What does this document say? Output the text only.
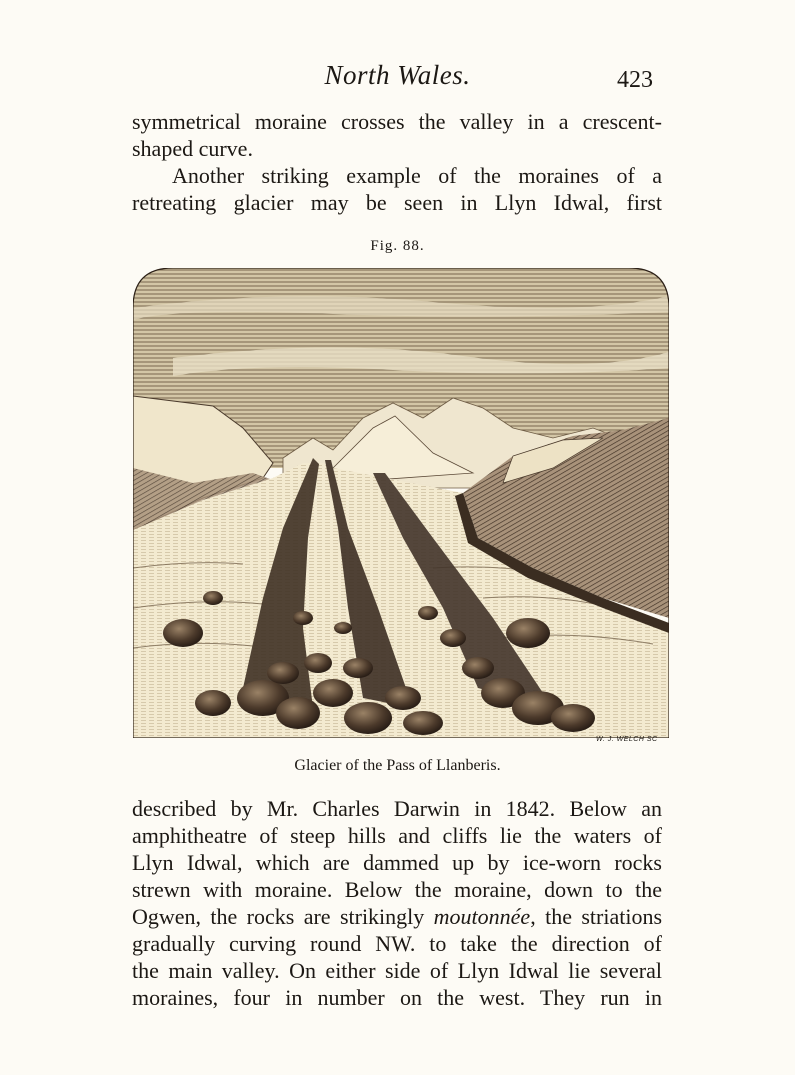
North Wales.	423

symmetrical moraine crosses the valley in a crescent-
shaped curve.

Another striking example of the moraines of a
retreating glacier may be seen in Llyn Idwal, first

Fig. 88.
W. J. WELCH SC
Glacier of the Pass of Llanberis.

described by Mr. Charles Darwin in 1842. Below an
amphitheatre of steep hills and cliffs lie the waters of
Llyn Idwal, which are dammed up by ice-worn rocks
strewn with moraine. Below the moraine, down to the
Ogwen, the rocks are strikingly moutonnée, the striations
gradually curving round NW. to take the direction of
the main valley. On either side of Llyn Idwal lie several
moraines, four in number on the west. They run in
